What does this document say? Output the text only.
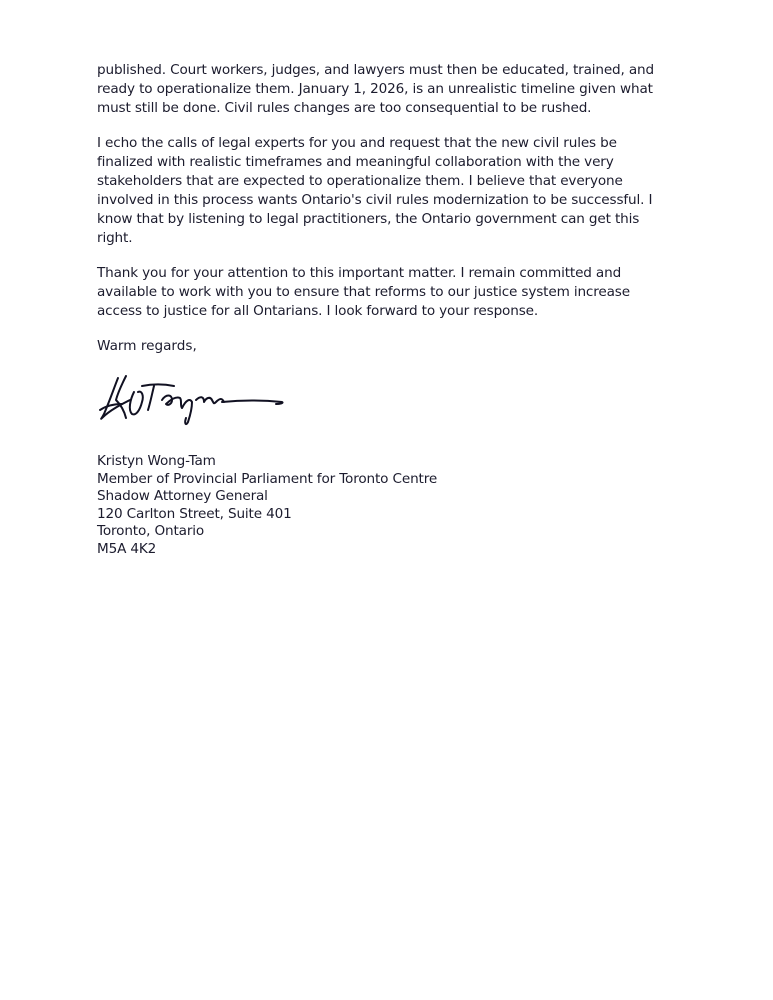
published. Court workers, judges, and lawyers must then be educated, trained, and
ready to operationalize them. January 1, 2026, is an unrealistic timeline given what
must still be done. Civil rules changes are too consequential to be rushed.

I echo the calls of legal experts for you and request that the new civil rules be
finalized with realistic timeframes and meaningful collaboration with the very
stakeholders that are expected to operationalize them. I believe that everyone
involved in this process wants Ontario's civil rules modernization to be successful. I
know that by listening to legal practitioners, the Ontario government can get this
right.

Thank you for your attention to this important matter. I remain committed and
available to work with you to ensure that reforms to our justice system increase
access to justice for all Ontarians. I look forward to your response.

Warm regards,

Kristyn Wong-Tam
Member of Provincial Parliament for Toronto Centre
Shadow Attorney General
120 Carlton Street, Suite 401
Toronto, Ontario
M5A 4K2
